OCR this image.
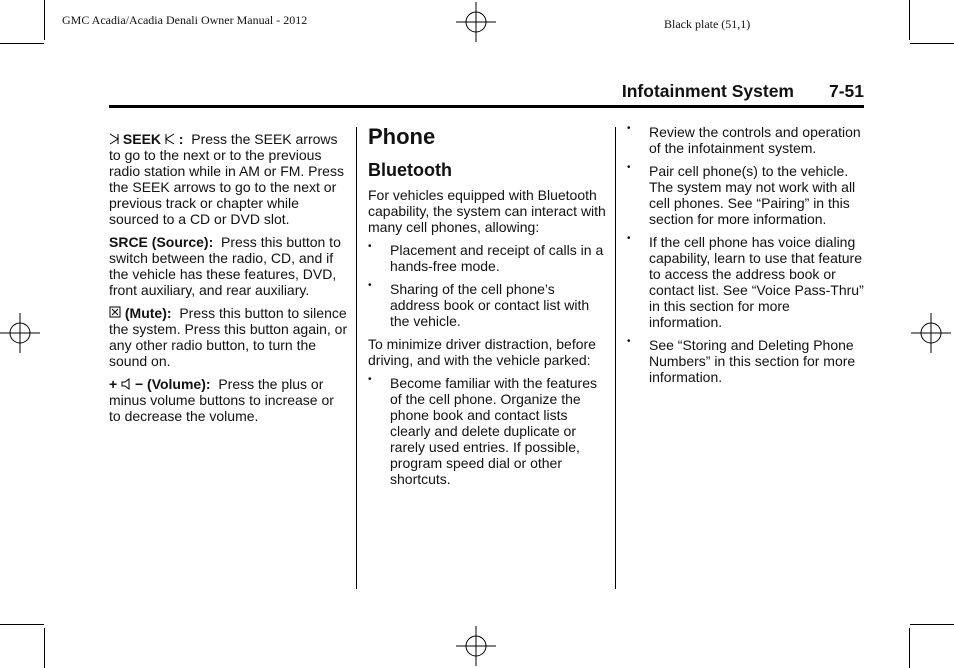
GMC Acadia/Acadia Denali Owner Manual - 2012	Black plate (51,1)
Infotainment System 7-51

SEEK : Press the SEEK arrows to go to the next or to the previous radio station while in AM or FM. Press the SEEK arrows to go to the next or previous track or chapter while sourced to a CD or DVD slot.

SRCE (Source): Press this button to switch between the radio, CD, and if the vehicle has these features, DVD, front auxiliary, and rear auxiliary.

(Mute): Press this button to silence the system. Press this button again, or any other radio button, to turn the sound on.

+ − (Volume): Press the plus or minus volume buttons to increase or to decrease the volume.

Phone
Bluetooth

For vehicles equipped with Bluetooth capability, the system can interact with many cell phones, allowing:

• Placement and receipt of calls in a hands-free mode.
• Sharing of the cell phone’s address book or contact list with the vehicle.

To minimize driver distraction, before driving, and with the vehicle parked:

• Become familiar with the features of the cell phone. Organize the phone book and contact lists clearly and delete duplicate or rarely used entries. If possible, program speed dial or other shortcuts.
• Review the controls and operation of the infotainment system.
• Pair cell phone(s) to the vehicle. The system may not work with all cell phones. See “Pairing” in this section for more information.
• If the cell phone has voice dialing capability, learn to use that feature to access the address book or contact list. See “Voice Pass-Thru” in this section for more information.
• See “Storing and Deleting Phone Numbers” in this section for more information.
